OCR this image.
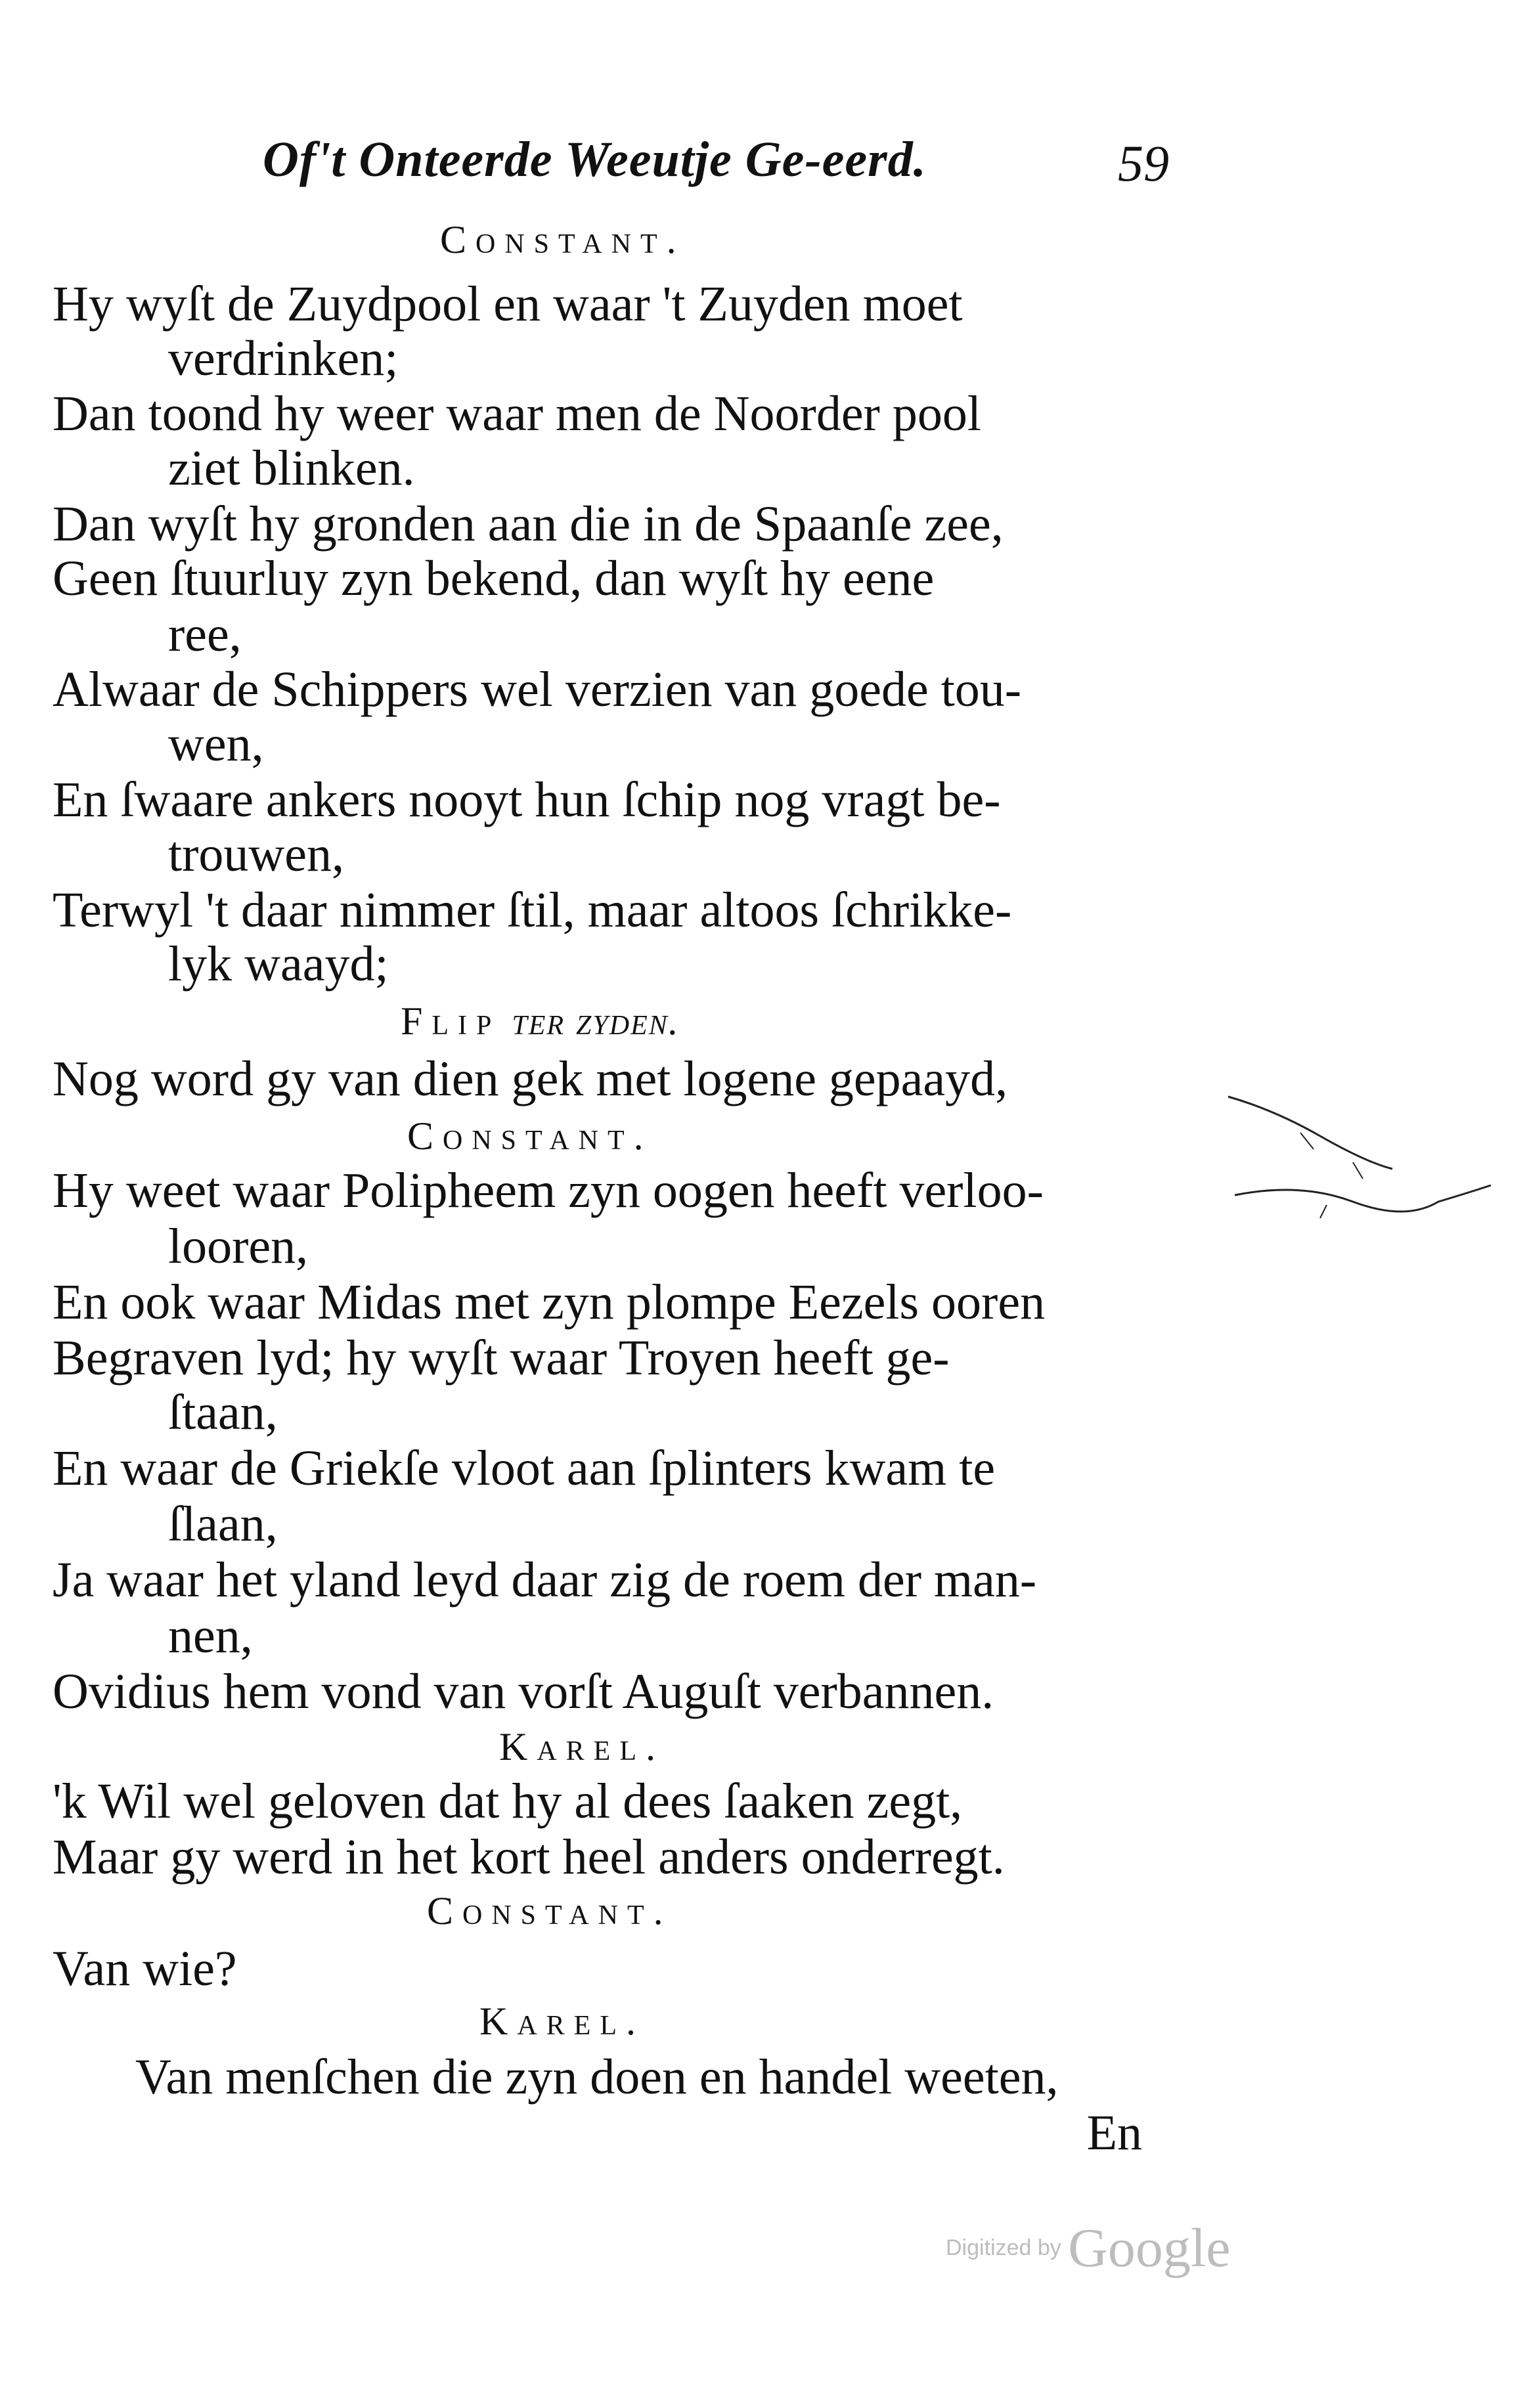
Of't Onteerde Weeutje Ge-eerd.	59
Constant.
Hy wyſt de Zuydpool en waar 't Zuyden moet
verdrinken;
Dan toond hy weer waar men de Noorder pool
ziet blinken.
Dan wyſt hy gronden aan die in de Spaanſe zee,
Geen ſtuurluy zyn bekend, dan wyſt hy eene
ree,
Alwaar de Schippers wel verzien van goede tou-
wen,
En ſwaare ankers nooyt hun ſchip nog vragt be-
trouwen,
Terwyl 't daar nimmer ſtil, maar altoos ſchrikke-
lyk waayd;
Flip ter zyden.
Nog word gy van dien gek met logene gepaayd,
Constant.
Hy weet waar Polipheem zyn oogen heeft verloo-
looren,
En ook waar Midas met zyn plompe Eezels ooren
Begraven lyd; hy wyſt waar Troyen heeft ge-
ſtaan,
En waar de Griekſe vloot aan ſplinters kwam te
ſlaan,
Ja waar het yland leyd daar zig de roem der man-
nen,
Ovidius hem vond van vorſt Auguſt verbannen.
Karel.
'k Wil wel geloven dat hy al dees ſaaken zegt,
Maar gy werd in het kort heel anders onderregt.
Constant.
Van wie?
Karel.
Van menſchen die zyn doen en handel weeten,
En
Digitized by Google
